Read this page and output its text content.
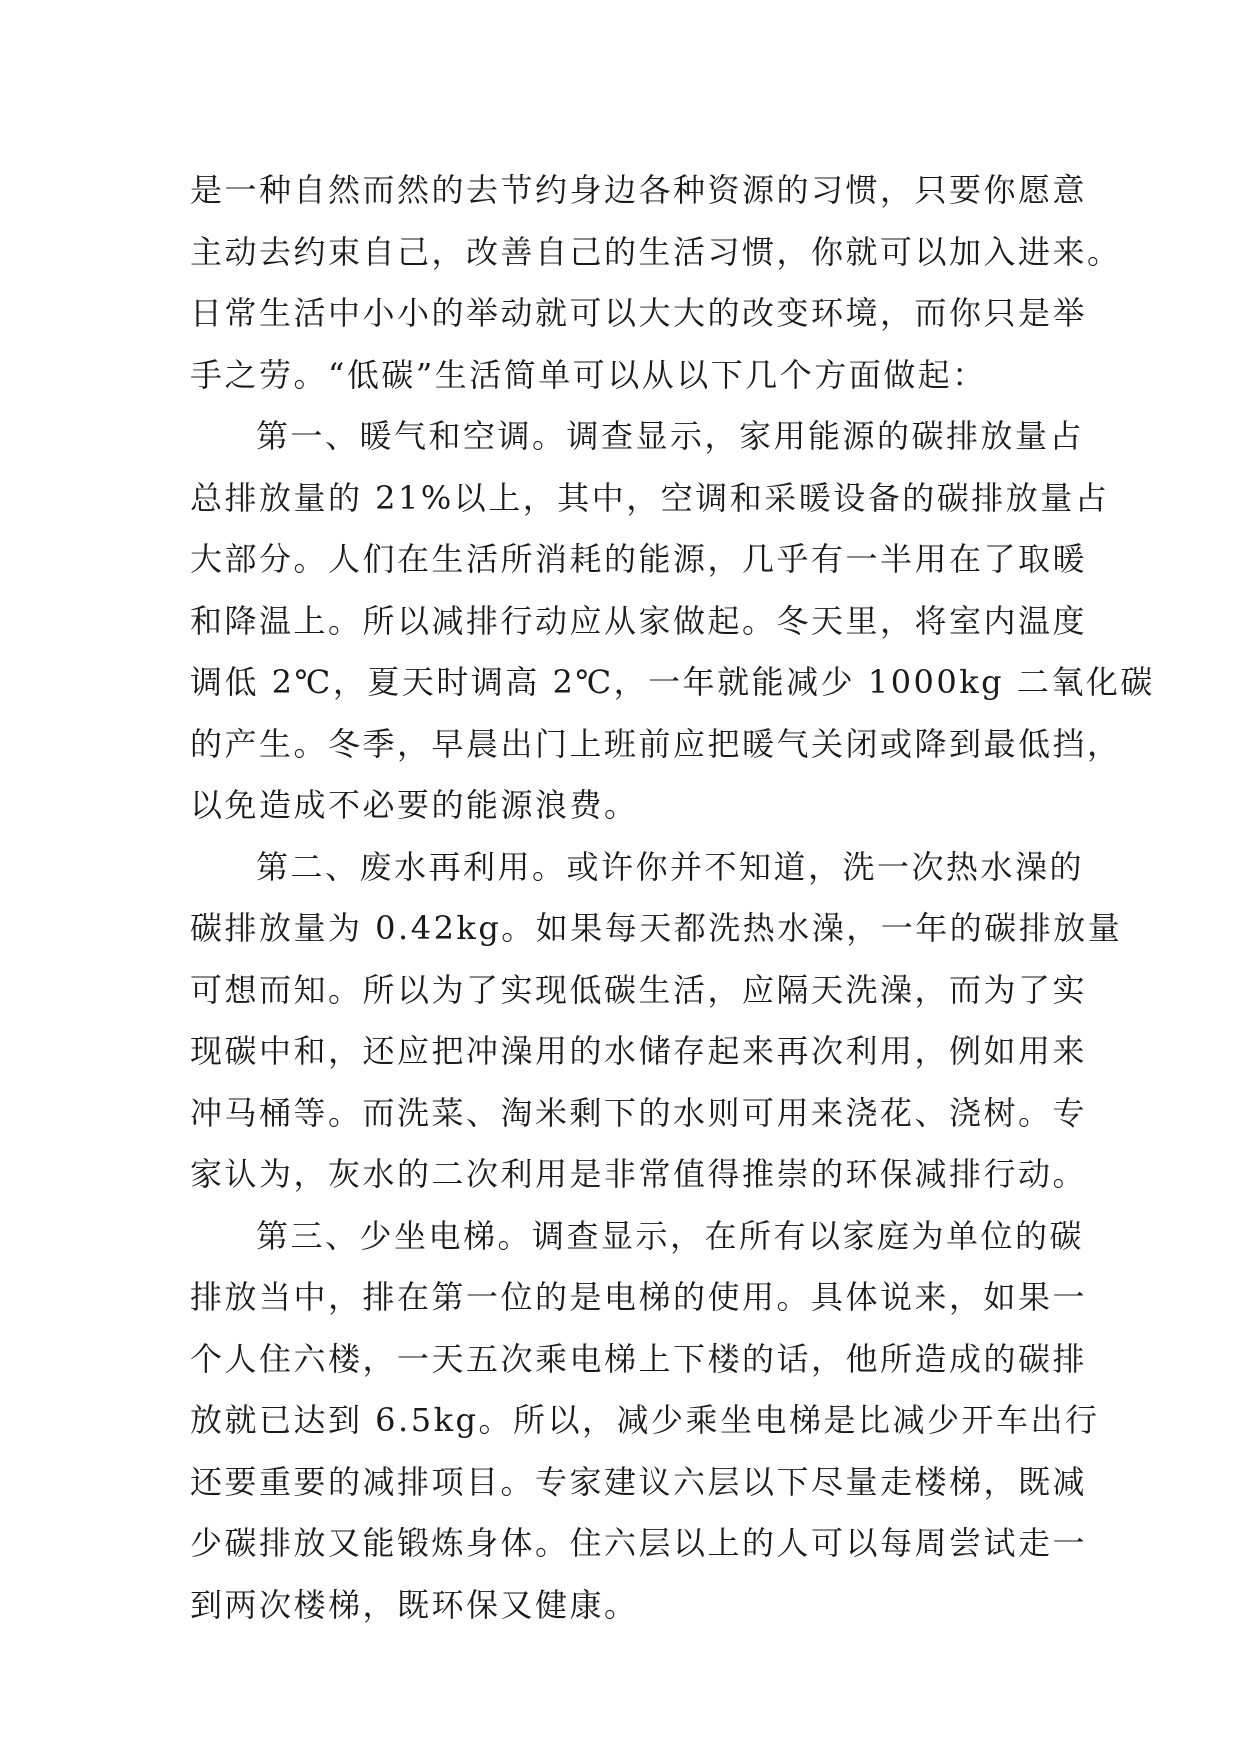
是一种自然而然的去节约身边各种资源的习惯，只要你愿意
主动去约束自己，改善自己的生活习惯，你就可以加入进来。
日常生活中小小的举动就可以大大的改变环境，而你只是举
手之劳。“低碳”生活简单可以从以下几个方面做起：
第一、暖气和空调。调查显示，家用能源的碳排放量占
总排放量的 21%以上，其中，空调和采暖设备的碳排放量占
大部分。人们在生活所消耗的能源，几乎有一半用在了取暖
和降温上。所以减排行动应从家做起。冬天里，将室内温度
调低 2℃，夏天时调高 2℃，一年就能减少 1000kg 二氧化碳
的产生。冬季，早晨出门上班前应把暖气关闭或降到最低挡，
以免造成不必要的能源浪费。
第二、废水再利用。或许你并不知道，洗一次热水澡的
碳排放量为 0.42kg。如果每天都洗热水澡，一年的碳排放量
可想而知。所以为了实现低碳生活，应隔天洗澡，而为了实
现碳中和，还应把冲澡用的水储存起来再次利用，例如用来
冲马桶等。而洗菜、淘米剩下的水则可用来浇花、浇树。专
家认为，灰水的二次利用是非常值得推崇的环保减排行动。
第三、少坐电梯。调查显示，在所有以家庭为单位的碳
排放当中，排在第一位的是电梯的使用。具体说来，如果一
个人住六楼，一天五次乘电梯上下楼的话，他所造成的碳排
放就已达到 6.5kg。所以，减少乘坐电梯是比减少开车出行
还要重要的减排项目。专家建议六层以下尽量走楼梯，既减
少碳排放又能锻炼身体。住六层以上的人可以每周尝试走一
到两次楼梯，既环保又健康。
